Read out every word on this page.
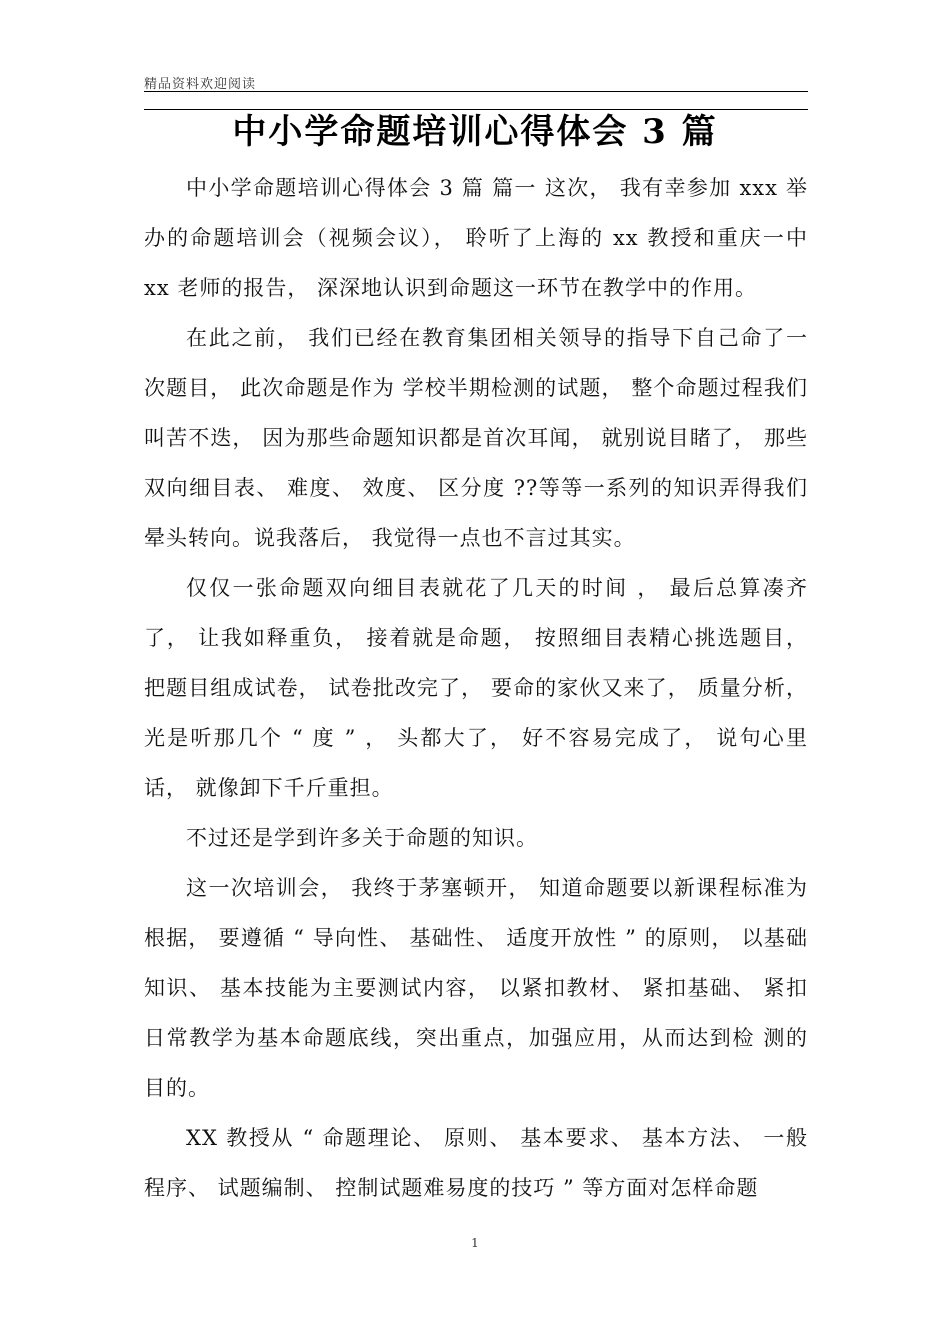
精品资料欢迎阅读
中小学命题培训心得体会 3 篇

中小学命题培训心得体会 3 篇 篇一 这次， 我有幸参加 xxx 举办的命题培训会（视频会议）， 聆听了上海的 xx 教授和重庆一中 xx 老师的报告， 深深地认识到命题这一环节在教学中的作用。

在此之前， 我们已经在教育集团相关领导的指导下自己命了一次题目， 此次命题是作为 学校半期检测的试题， 整个命题过程我们叫苦不迭， 因为那些命题知识都是首次耳闻， 就别说目睹了， 那些双向细目表、 难度、 效度、 区分度 ??等等一系列的知识弄得我们晕头转向。说我落后， 我觉得一点也不言过其实。

仅仅一张命题双向细目表就花了几天的时间 ， 最后总算凑齐了， 让我如释重负， 接着就是命题， 按照细目表精心挑选题目， 把题目组成试卷， 试卷批改完了， 要命的家伙又来了， 质量分析， 光是听那几个 “ 度 ” ， 头都大了， 好不容易完成了， 说句心里话， 就像卸下千斤重担。

不过还是学到许多关于命题的知识。

这一次培训会， 我终于茅塞顿开， 知道命题要以新课程标准为根据， 要遵循 “ 导向性、 基础性、 适度开放性 ” 的原则， 以基础知识、 基本技能为主要测试内容， 以紧扣教材、 紧扣基础、 紧扣日常教学为基本命题底线，突出重点，加强应用，从而达到检 测的目的。

XX 教授从 “ 命题理论、 原则、 基本要求、 基本方法、 一般程序、 试题编制、 控制试题难易度的技巧 ” 等方面对怎样命题

1
